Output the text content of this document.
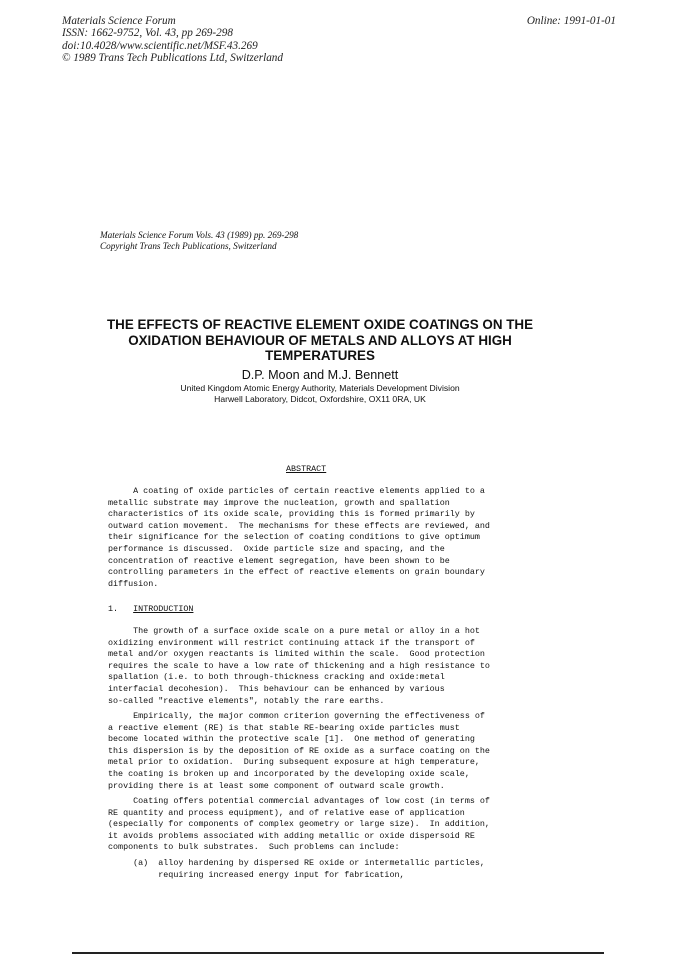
Materials Science Forum
ISSN: 1662-9752, Vol. 43, pp 269-298
doi:10.4028/www.scientific.net/MSF.43.269
© 1989 Trans Tech Publications Ltd, Switzerland
Online: 1991-01-01
Materials Science Forum Vols. 43 (1989) pp. 269-298
Copyright Trans Tech Publications, Switzerland
THE EFFECTS OF REACTIVE ELEMENT OXIDE COATINGS ON THE
OXIDATION BEHAVIOUR OF METALS AND ALLOYS AT HIGH
TEMPERATURES
D.P. Moon and M.J. Bennett
United Kingdom Atomic Energy Authority, Materials Development Division
Harwell Laboratory, Didcot, Oxfordshire, OX11 0RA, UK
ABSTRACT
A coating of oxide particles of certain reactive elements applied to a
metallic substrate may improve the nucleation, growth and spallation
characteristics of its oxide scale, providing this is formed primarily by
outward cation movement.  The mechanisms for these effects are reviewed, and
their significance for the selection of coating conditions to give optimum
performance is discussed.  Oxide particle size and spacing, and the
concentration of reactive element segregation, have been shown to be
controlling parameters in the effect of reactive elements on grain boundary
diffusion.
1. INTRODUCTION
The growth of a surface oxide scale on a pure metal or alloy in a hot
oxidizing environment will restrict continuing attack if the transport of
metal and/or oxygen reactants is limited within the scale.  Good protection
requires the scale to have a low rate of thickening and a high resistance to
spallation (i.e. to both through-thickness cracking and oxide:metal
interfacial decohesion).  This behaviour can be enhanced by various
so-called "reactive elements", notably the rare earths.
Empirically, the major common criterion governing the effectiveness of
a reactive element (RE) is that stable RE-bearing oxide particles must
become located within the protective scale [1].  One method of generating
this dispersion is by the deposition of RE oxide as a surface coating on the
metal prior to oxidation.  During subsequent exposure at high temperature,
the coating is broken up and incorporated by the developing oxide scale,
providing there is at least some component of outward scale growth.
Coating offers potential commercial advantages of low cost (in terms of
RE quantity and process equipment), and of relative ease of application
(especially for components of complex geometry or large size).  In addition,
it avoids problems associated with adding metallic or oxide dispersoid RE
components to bulk substrates.  Such problems can include:
(a)  alloy hardening by dispersed RE oxide or intermetallic particles,
requiring increased energy input for fabrication,
